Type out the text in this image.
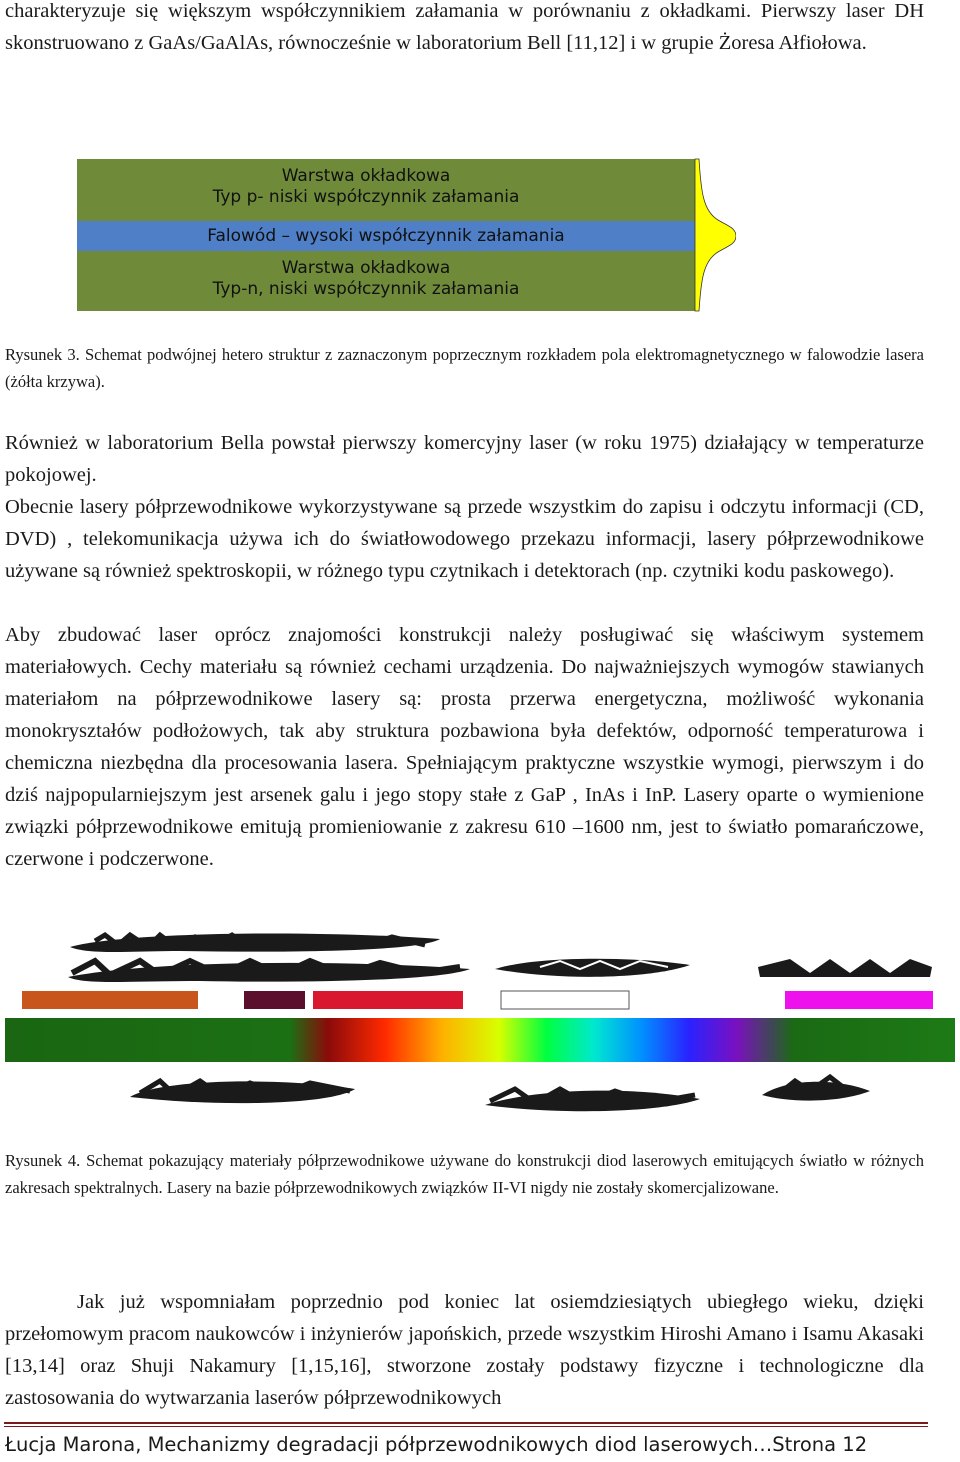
charakteryzuje się większym współczynnikiem załamania w porównaniu z okładkami. Pierwszy laser DH skonstruowano z GaAs/GaAlAs, równocześnie w laboratorium Bell [11,12] i w grupie Żoresa Ałfiołowa.

Warstwa okładkowa
Typ p- niski współczynnik załamania
Falowód – wysoki współczynnik załamania
Warstwa okładkowa
Typ-n, niski współczynnik załamania

Rysunek 3. Schemat podwójnej hetero struktur z zaznaczonym poprzecznym rozkładem pola elektromagnetycznego w falowodzie lasera (żółta krzywa).

Również w laboratorium Bella powstał pierwszy komercyjny laser (w roku 1975) działający w temperaturze pokojowej.

Obecnie lasery półprzewodnikowe wykorzystywane są przede wszystkim do zapisu i odczytu informacji (CD, DVD) , telekomunikacja używa ich do światłowodowego przekazu informacji, lasery półprzewodnikowe używane są również spektroskopii, w różnego typu czytnikach i detektorach (np. czytniki kodu paskowego).

Aby zbudować laser oprócz znajomości konstrukcji należy posługiwać się właściwym systemem materiałowych. Cechy materiału są również cechami urządzenia. Do najważniejszych wymogów stawianych materiałom na półprzewodnikowe lasery są: prosta przerwa energetyczna, możliwość wykonania monokryształów podłożowych, tak aby struktura pozbawiona była defektów, odporność temperaturowa i chemiczna niezbędna dla procesowania lasera. Spełniającym praktyczne wszystkie wymogi, pierwszym i do dziś najpopularniejszym jest arsenek galu i jego stopy stałe z GaP , InAs i InP. Lasery oparte o wymienione związki półprzewodnikowe emitują promieniowanie z zakresu 610 –1600 nm, jest to światło pomarańczowe, czerwone i podczerwone.

Rysunek 4. Schemat pokazujący materiały półprzewodnikowe używane do konstrukcji diod laserowych emitujących światło w różnych zakresach spektralnych. Lasery na bazie półprzewodnikowych związków II-VI nigdy nie zostały skomercjalizowane.

Jak już wspomniałam poprzednio pod koniec lat osiemdziesiątych ubiegłego wieku, dzięki przełomowym pracom naukowców i inżynierów japońskich, przede wszystkim Hiroshi Amano i Isamu Akasaki [13,14] oraz Shuji Nakamury [1,15,16], stworzone zostały podstawy fizyczne i technologiczne dla zastosowania do wytwarzania laserów półprzewodnikowych

Łucja Marona, Mechanizmy degradacji półprzewodnikowych diod laserowych…Strona 12
